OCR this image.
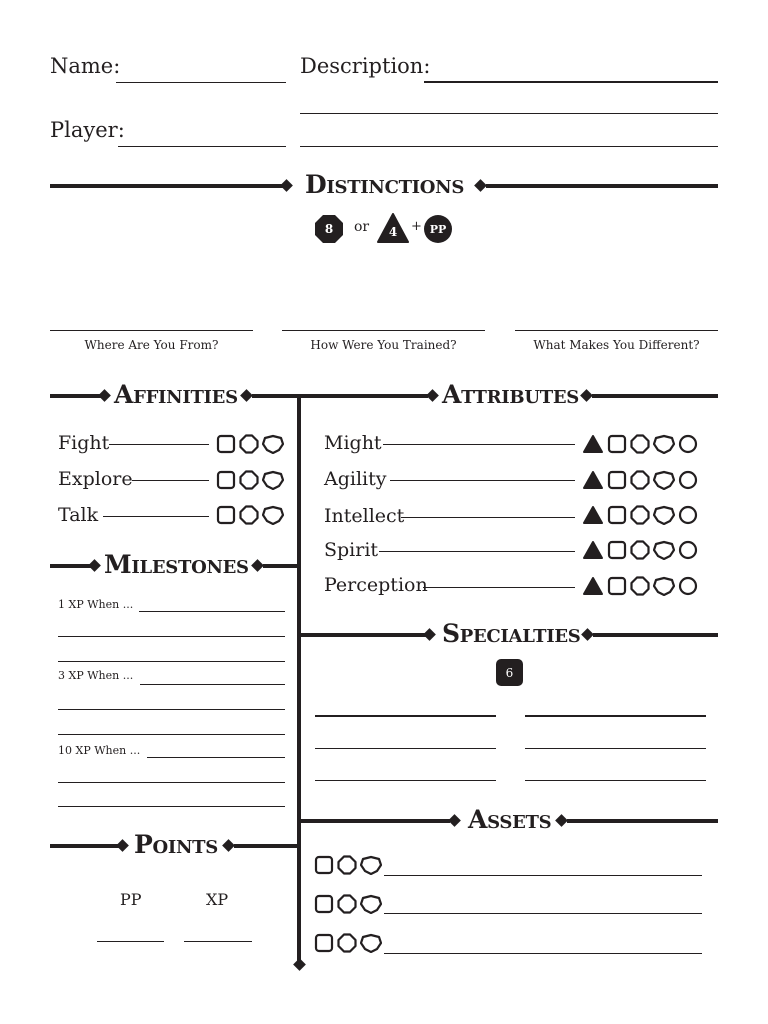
Name:	Description:
Player:
Distinctions
8	or	4	+ PP
Where Are You From?	How Were You Trained?	What Makes You Different?
Affinities
Fight
Explore
Talk
Attributes
Might
Agility
Intellect
Spirit
Perception
Milestones
1 XP When ...
3 XP When ...
10 XP When ...
Specialties
6
Assets
Points
PP	XP
